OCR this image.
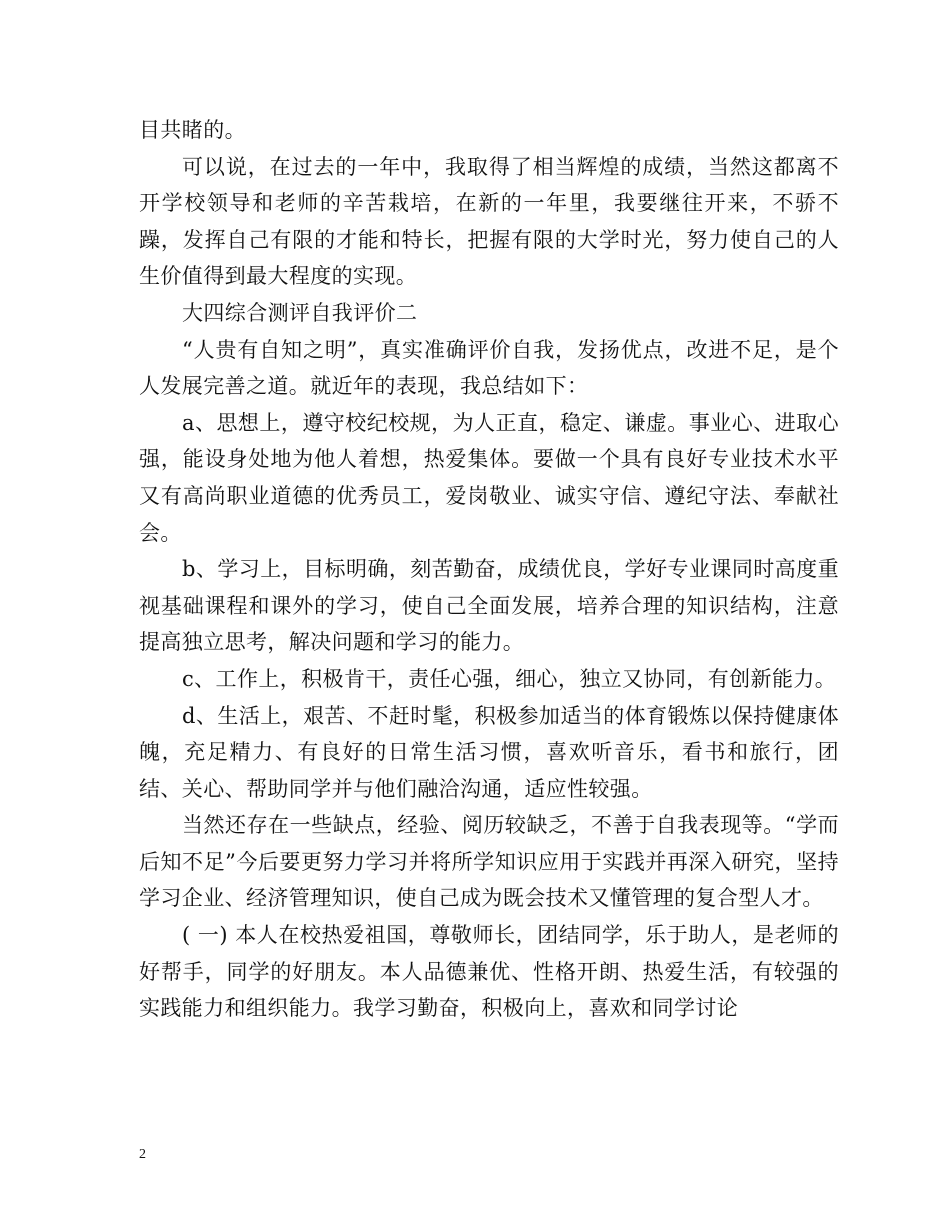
目共睹的。

可以说，在过去的一年中，我取得了相当辉煌的成绩，当然这都离不开学校领导和老师的辛苦栽培，在新的一年里，我要继往开来，不骄不躁，发挥自己有限的才能和特长，把握有限的大学时光，努力使自己的人生价值得到最大程度的实现。

大四综合测评自我评价二

“人贵有自知之明”，真实准确评价自我，发扬优点，改进不足，是个人发展完善之道。就近年的表现，我总结如下：

a、思想上，遵守校纪校规，为人正直，稳定、谦虚。事业心、进取心强，能设身处地为他人着想，热爱集体。要做一个具有良好专业技术水平又有高尚职业道德的优秀员工，爱岗敬业、诚实守信、遵纪守法、奉献社会。

b、学习上，目标明确，刻苦勤奋，成绩优良，学好专业课同时高度重视基础课程和课外的学习，使自己全面发展，培养合理的知识结构，注意提高独立思考，解决问题和学习的能力。

c、工作上，积极肯干，责任心强，细心，独立又协同，有创新能力。

d、生活上，艰苦、不赶时髦，积极参加适当的体育锻炼以保持健康体魄，充足精力、有良好的日常生活习惯，喜欢听音乐，看书和旅行，团结、关心、帮助同学并与他们融洽沟通，适应性较强。

当然还存在一些缺点，经验、阅历较缺乏，不善于自我表现等。“学而后知不足”今后要更努力学习并将所学知识应用于实践并再深入研究，坚持学习企业、经济管理知识，使自己成为既会技术又懂管理的复合型人才。

( 一) 本人在校热爱祖国，尊敬师长，团结同学，乐于助人，是老师的好帮手，同学的好朋友。本人品德兼优、性格开朗、热爱生活，有较强的实践能力和组织能力。我学习勤奋，积极向上，喜欢和同学讨论

2
